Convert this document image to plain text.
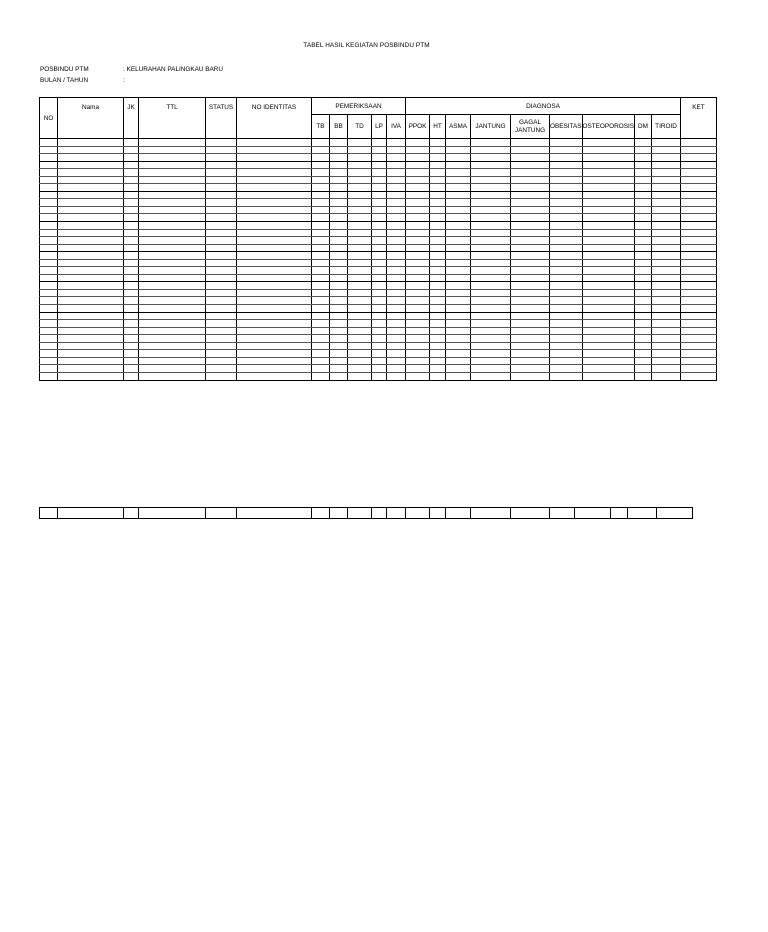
TABEL HASIL KEGIATAN POSBINDU PTM
POSBINDU PTM	: KELURAHAN PALINGKAU BARU
BULAN / TAHUN	:
NO	Nama	JK	TTL	STATUS	NO IDENTITAS	PEMERIKSAAN					DIAGNOSA									KET
						TB	BB	TD	LP	IVA	PPOK	HT	ASMA	JANTUNG	GAGAL JANTUNG	OBESITAS	OSTEOPOROSIS	DM	TIROID	
